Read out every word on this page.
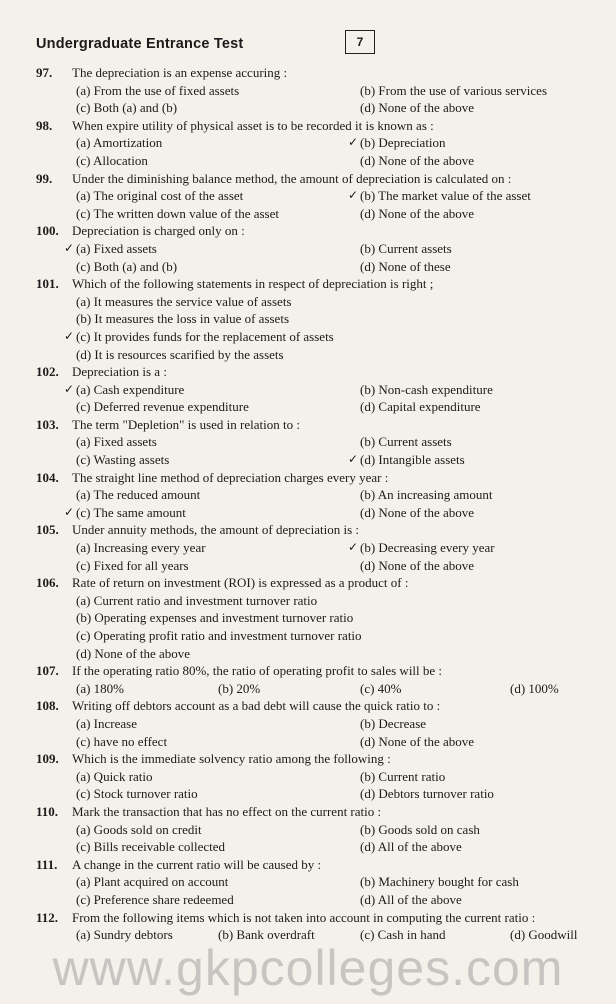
Undergraduate Entrance Test	7
97.	The depreciation is an expense accuring :
(a) From the use of fixed assets	(b) From the use of various services
(c) Both (a) and (b)	(d) None of the above
98.	When expire utility of physical asset is to be recorded it is known as :
(a) Amortization	✓ (b) Depreciation
(c) Allocation	(d) None of the above
99.	Under the diminishing balance method, the amount of depreciation is calculated on :
(a) The original cost of the asset	✓ (b) The market value of the asset
(c) The written down value of the asset	(d) None of the above
100.	Depreciation is charged only on :
✓ (a) Fixed assets	(b) Current assets
(c) Both (a) and (b)	(d) None of these
101.	Which of the following statements in respect of depreciation is right ;
(a) It measures the service value of assets
(b) It measures the loss in value of assets
✓ (c) It provides funds for the replacement of assets
(d) It is resources scarified by the assets
102.	Depreciation is a :
✓ (a) Cash expenditure	(b) Non-cash expenditure
(c) Deferred revenue expenditure	(d) Capital expenditure
103.	The term "Depletion" is used in relation to :
(a) Fixed assets	(b) Current assets
(c) Wasting assets	✓ (d) Intangible assets
104.	The straight line method of depreciation charges every year :
(a) The reduced amount	(b) An increasing amount
✓ (c) The same amount	(d) None of the above
105.	Under annuity methods, the amount of depreciation is :
(a) Increasing every year	✓ (b) Decreasing every year
(c) Fixed for all years	(d) None of the above
106.	Rate of return on investment (ROI) is expressed as a product of :
(a) Current ratio and investment turnover ratio
(b) Operating expenses and investment turnover ratio
(c) Operating profit ratio and investment turnover ratio
(d) None of the above
107.	If the operating ratio 80%, the ratio of operating profit to sales will be :
(a) 180%	(b) 20%	(c) 40%	(d) 100%
108.	Writing off debtors account as a bad debt will cause the quick ratio to :
(a) Increase	(b) Decrease
(c) have no effect	(d) None of the above
109.	Which is the immediate solvency ratio among the following :
(a) Quick ratio	(b) Current ratio
(c) Stock turnover ratio	(d) Debtors turnover ratio
110.	Mark the transaction that has no effect on the current ratio :
(a) Goods sold on credit	(b) Goods sold on cash
(c) Bills receivable collected	(d) All of the above
111.	A change in the current ratio will be caused by :
(a) Plant acquired on account	(b) Machinery bought for cash
(c) Preference share redeemed	(d) All of the above
112.	From the following items which is not taken into account in computing the current ratio :
(a) Sundry debtors	(b) Bank overdraft	(c) Cash in hand	(d) Goodwill
www.gkpcolleges.com
